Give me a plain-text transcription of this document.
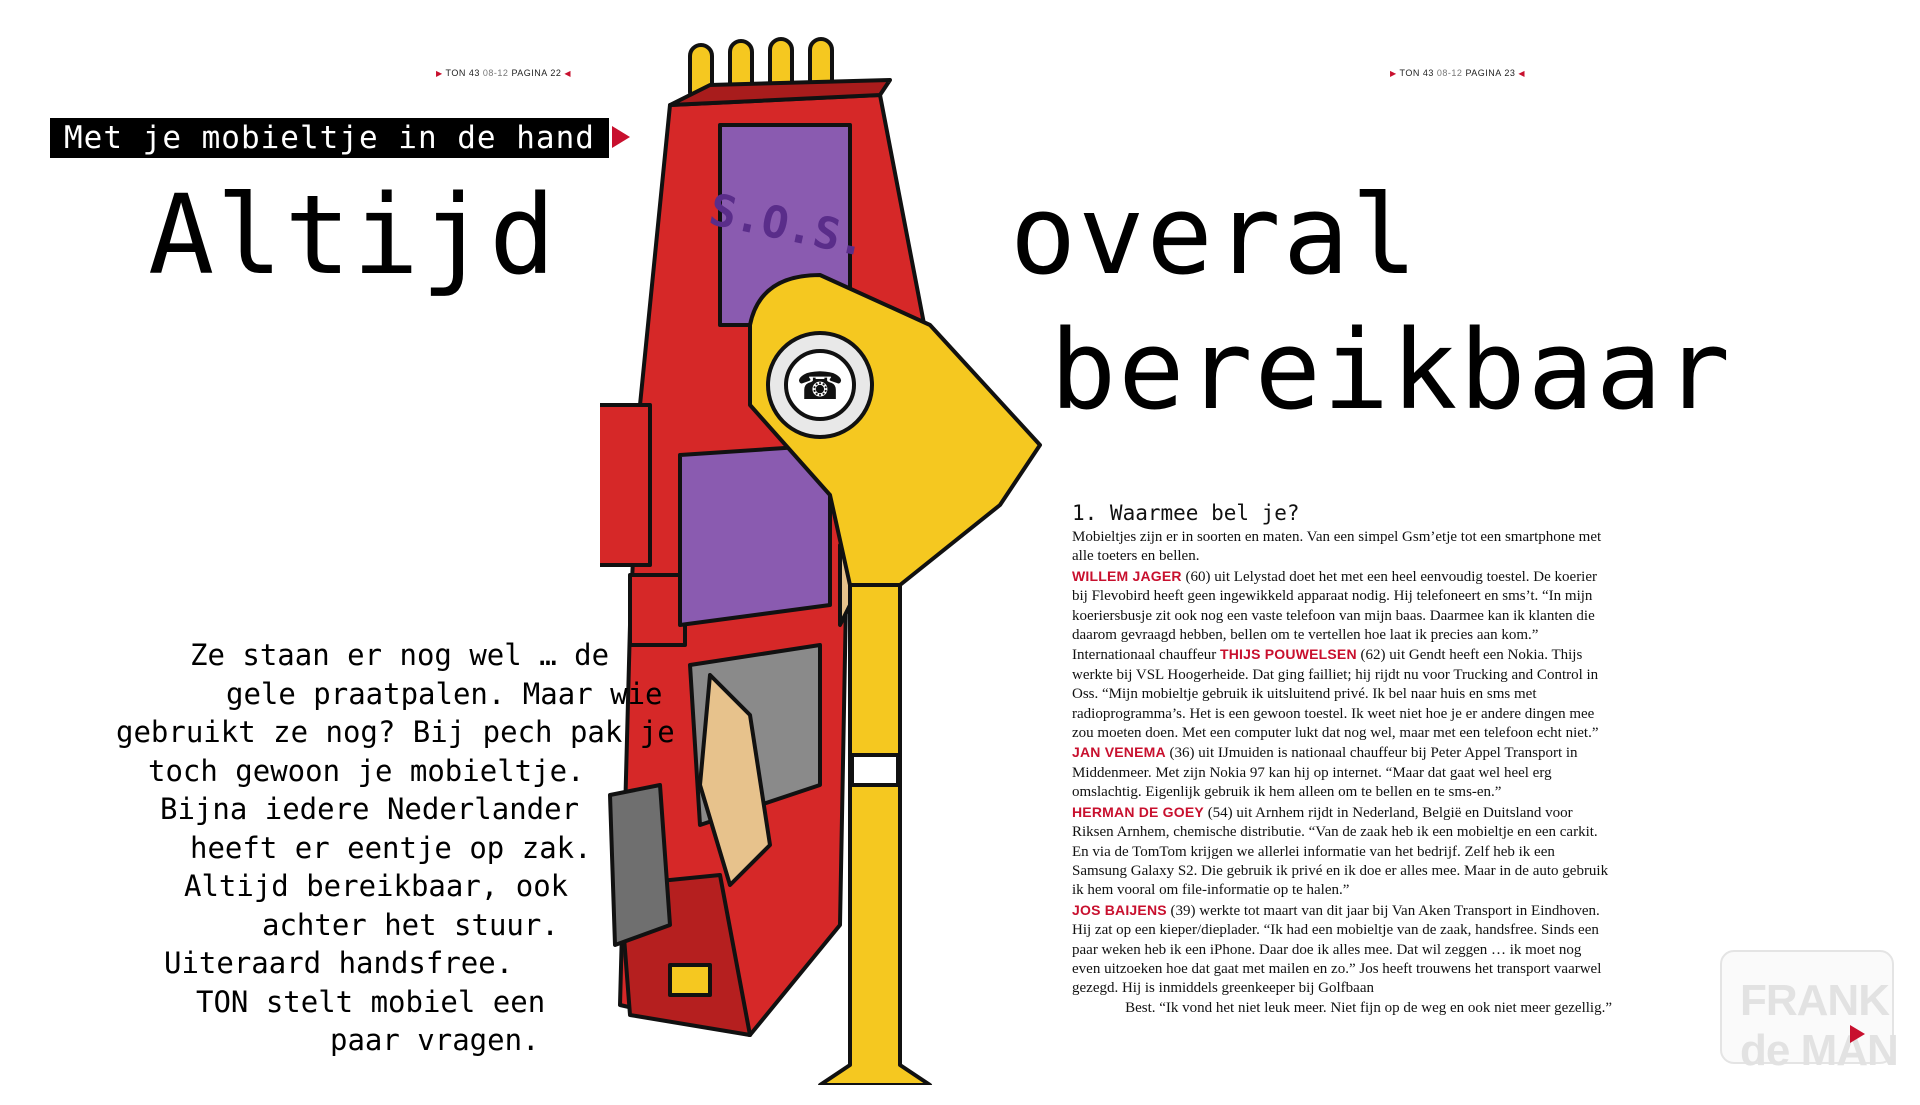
▶ TON 43 08-12 PAGINA 22 ◀	▶ TON 43 08-12 PAGINA 23 ◀
Met je mobieltje in de hand
Altijd	overal
bereikbaar
S.O.S.
☎
Ze staan er nog wel … de
gele praatpalen. Maar wie
gebruikt ze nog? Bij pech pak je
toch gewoon je mobieltje.
Bijna iedere Nederlander
heeft er eentje op zak.
Altijd bereikbaar, ook
achter het stuur.
Uiteraard handsfree.
TON stelt mobiel een
paar vragen.
1. Waarmee bel je?

Mobieltjes zijn er in soorten en maten. Van een simpel Gsm’etje tot een smartphone met alle toeters en bellen.

WILLEM JAGER (60) uit Lelystad doet het met een heel eenvoudig toestel. De koerier bij Flevobird heeft geen ingewikkeld apparaat nodig. Hij telefoneert en sms’t. “In mijn koeriersbusje zit ook nog een vaste telefoon van mijn baas. Daarmee kan ik klanten die daarom gevraagd hebben, bellen om te vertellen hoe laat ik precies aan kom.”

Internationaal chauffeur THIJS POUWELSEN (62) uit Gendt heeft een Nokia. Thijs werkte bij VSL Hoogerheide. Dat ging failliet; hij rijdt nu voor Trucking and Control in Oss. “Mijn mobieltje gebruik ik uitsluitend privé. Ik bel naar huis en sms met radioprogramma’s. Het is een gewoon toestel. Ik weet niet hoe je er andere dingen mee zou moeten doen. Met een computer lukt dat nog wel, maar met een telefoon echt niet.”

JAN VENEMA (36) uit IJmuiden is nationaal chauffeur bij Peter Appel Transport in Middenmeer. Met zijn Nokia 97 kan hij op internet. “Maar dat gaat wel heel erg omslachtig. Eigenlijk gebruik ik hem alleen om te bellen en te sms-en.”

HERMAN DE GOEY (54) uit Arnhem rijdt in Nederland, België en Duitsland voor Riksen Arnhem, chemische distributie. “Van de zaak heb ik een mobieltje en een carkit. En via de TomTom krijgen we allerlei informatie van het bedrijf. Zelf heb ik een Samsung Galaxy S2. Die gebruik ik privé en ik doe er alles mee. Maar in de auto gebruik ik hem vooral om file-informatie op te halen.”

JOS BAIJENS (39) werkte tot maart van dit jaar bij Van Aken Transport in Eindhoven. Hij zat op een kieper/dieplader. “Ik had een mobieltje van de zaak, handsfree. Sinds een paar weken heb ik een iPhone. Daar doe ik alles mee. Dat wil zeggen … ik moet nog even uitzoeken hoe dat gaat met mailen en zo.” Jos heeft trouwens het transport vaarwel gezegd. Hij is inmiddels greenkeeper bij Golfbaan

Best. “Ik vond het niet leuk meer. Niet fijn op de weg en ook niet meer gezellig.”	FRANK de MAN
